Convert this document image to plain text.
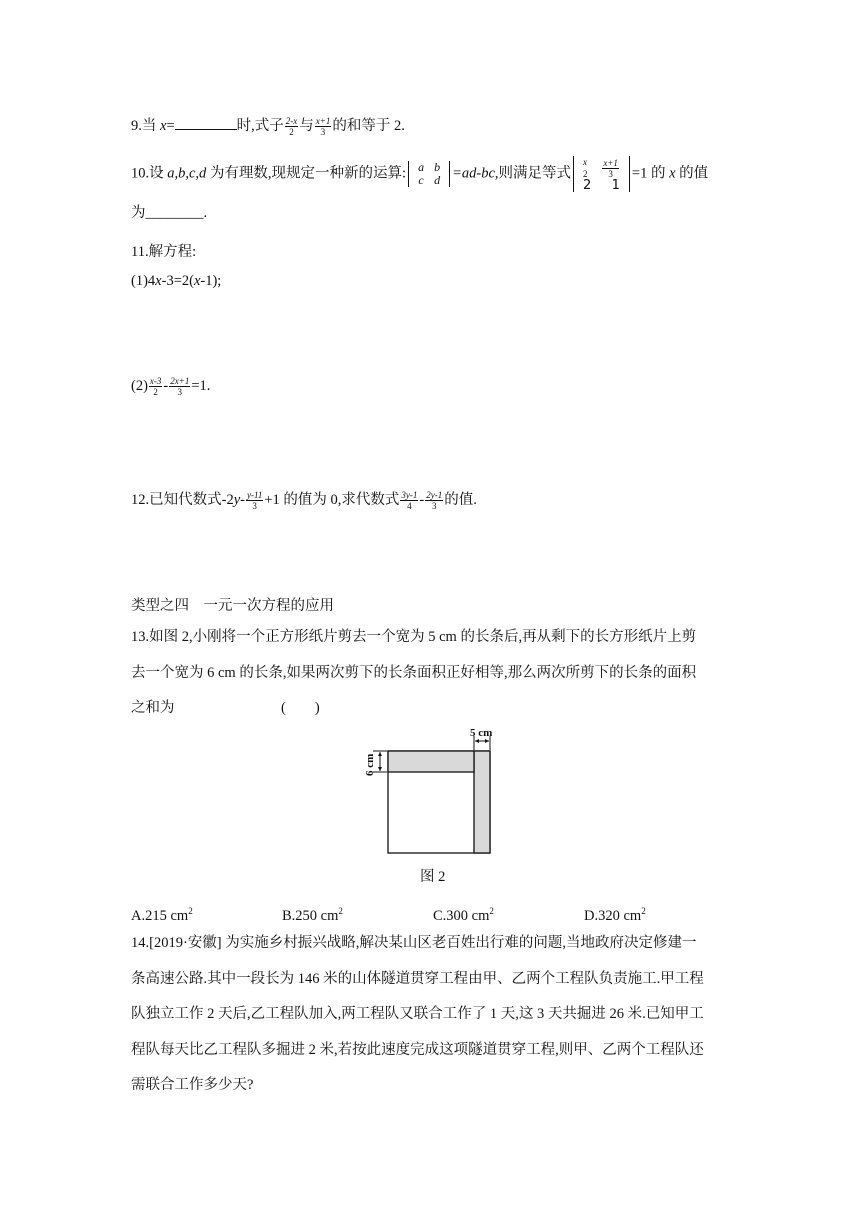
9.当 x=	时,式子 $\frac{2-x}{2}$ 与 $\frac{x+1}{3}$ 的和等于 2.
10.设 a,b,c,d 为有理数,现规定一种新的运算: a	b
c	d =ad-bc,则满足等式
x
2	$\frac{x+1}{3}$

2	1
=1 的 x 的值
为________.
11.解方程:
(1)4x-3=2(x-1);
$(2) \frac{x-3}{2} - \frac{2x+1}{3} =1$.
12.已知代数式$-2y- \frac{y-11}{3} +1$ 的值为 0,求代数式 $\frac{3y-1}{4} - \frac{2y-1}{3}$ 的值.
类型之四　一元一次方程的应用
13.如图 2,小刚将一个正方形纸片剪去一个宽为 5 cm 的长条后,再从剩下的长方形纸片上剪
去一个宽为 6 cm 的长条,如果两次剪下的长条面积正好相等,那么两次所剪下的长条的面积
之和为	(　　)
5 cm
6 cm
图 2
A.215 $cm^2$	B.250 $cm^2$	C.300 $cm^2$	D.320 $cm^2$
14.[2019·安徽] 为实施乡村振兴战略,解决某山区老百姓出行难的问题,当地政府决定修建一
条高速公路.其中一段长为 146 米的山体隧道贯穿工程由甲、乙两个工程队负责施工.甲工程
队独立工作 2 天后,乙工程队加入,两工程队又联合工作了 1 天,这 3 天共掘进 26 米.已知甲工
程队每天比乙工程队多掘进 2 米,若按此速度完成这项隧道贯穿工程,则甲、乙两个工程队还
需联合工作多少天?
